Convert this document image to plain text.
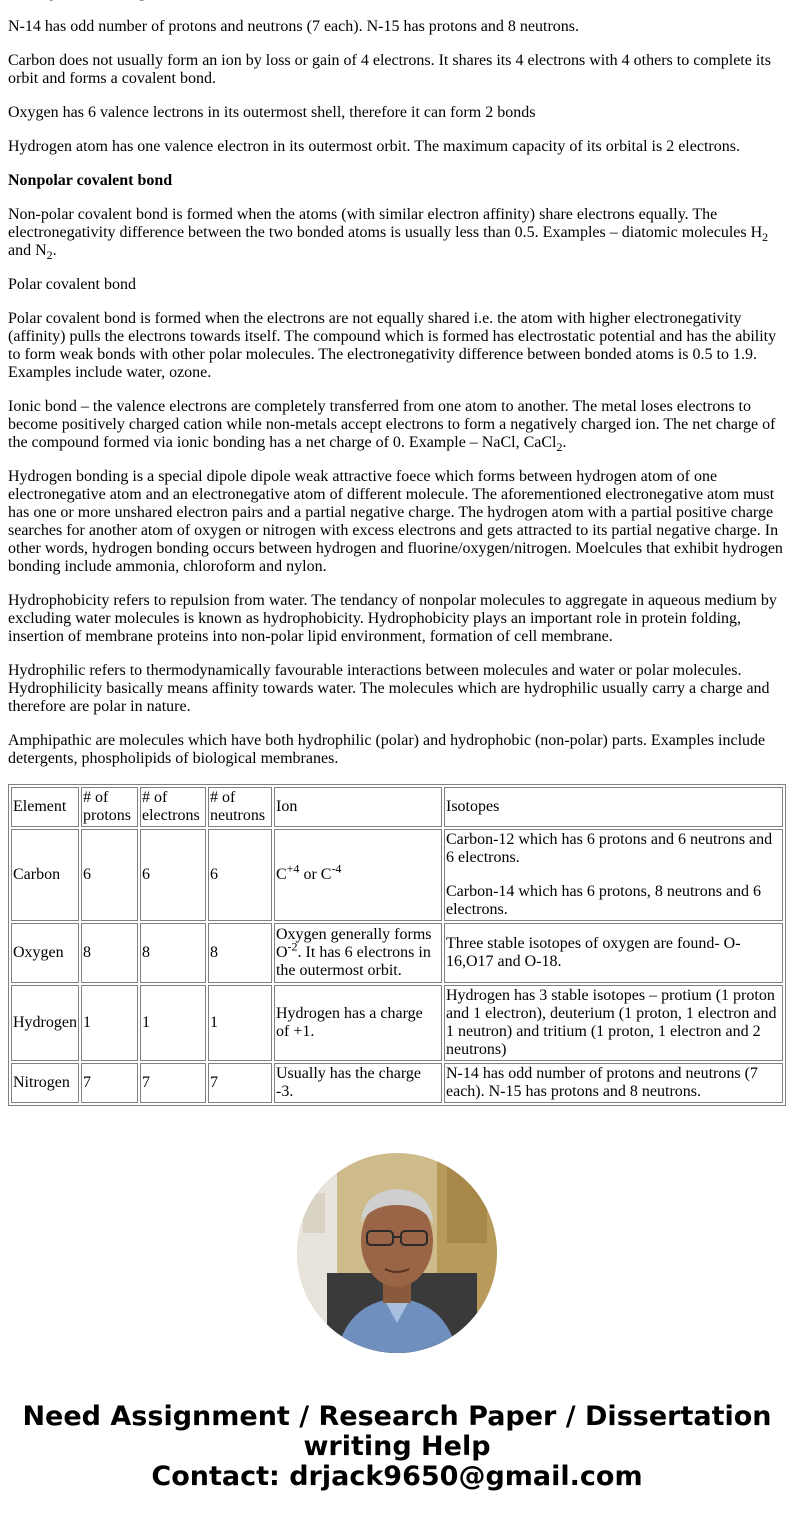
N-14 has odd number of protons and neutrons (7 each). N-15 has protons and 8 neutrons.

Carbon does not usually form an ion by loss or gain of 4 electrons. It shares its 4 electrons with 4 others to complete its orbit and forms a covalent bond.

Oxygen has 6 valence lectrons in its outermost shell, therefore it can form 2 bonds

Hydrogen atom has one valence electron in its outermost orbit. The maximum capacity of its orbital is 2 electrons.

Nonpolar covalent bond

Non-polar covalent bond is formed when the atoms (with similar electron affinity) share electrons equally. The electronegativity difference between the two bonded atoms is usually less than 0.5. Examples – diatomic molecules $H_2$ and $N_2$.

Polar covalent bond

Polar covalent bond is formed when the electrons are not equally shared i.e. the atom with higher electronegativity (affinity) pulls the electrons towards itself. The compound which is formed has electrostatic potential and has the ability to form weak bonds with other polar molecules. The electronegativity difference between bonded atoms is 0.5 to 1.9. Examples include water, ozone.

Ionic bond – the valence electrons are completely transferred from one atom to another. The metal loses electrons to become positively charged cation while non-metals accept electrons to form a negatively charged ion. The net charge of the compound formed via ionic bonding has a net charge of 0. Example – NaCl, CaCl$_2$.

Hydrogen bonding is a special dipole dipole weak attractive foece which forms between hydrogen atom of one electronegative atom and an electronegative atom of different molecule. The aforementioned electronegative atom must has one or more unshared electron pairs and a partial negative charge. The hydrogen atom with a partial positive charge searches for another atom of oxygen or nitrogen with excess electrons and gets attracted to its partial negative charge. In other words, hydrogen bonding occurs between hydrogen and fluorine/oxygen/nitrogen. Moelcules that exhibit hydrogen bonding include ammonia, chloroform and nylon.

Hydrophobicity refers to repulsion from water. The tendancy of nonpolar molecules to aggregate in aqueous medium by excluding water molecules is known as hydrophobicity. Hydrophobicity plays an important role in protein folding, insertion of membrane proteins into non-polar lipid environment, formation of cell membrane.

Hydrophilic refers to thermodynamically favourable interactions between molecules and water or polar molecules. Hydrophilicity basically means affinity towards water. The molecules which are hydrophilic usually carry a charge and therefore are polar in nature.

Amphipathic are molecules which have both hydrophilic (polar) and hydrophobic (non-polar) parts. Examples include detergents, phospholipids of biological membranes.

Element	# of protons	# of electrons	# of neutrons	Ion	Isotopes
Carbon	6	6	6	$C^{+4}$ or $C^{-4}$	Carbon-12 which has 6 protons and 6 neutrons and 6 electrons.
Carbon-14 which has 6 protons, 8 neutrons and 6 electrons.

Oxygen	8	8	8	Oxygen generally forms $O^{-2}$. It has 6 electrons in the outermost orbit.	Three stable isotopes of oxygen are found- O-16,O17 and O-18.
Hydrogen	1	1	1	Hydrogen has a charge of +1.	Hydrogen has 3 stable isotopes – protium (1 proton and 1 electron), deuterium (1 proton, 1 electron and 1 neutron) and tritium (1 proton, 1 electron and 2 neutrons)
Nitrogen	7	7	7	Usually has the charge -3.	N-14 has odd number of protons and neutrons (7 each). N-15 has protons and 8 neutrons.
Need Assignment / Research Paper / Dissertation
writing Help
Contact: drjack9650@gmail.com
